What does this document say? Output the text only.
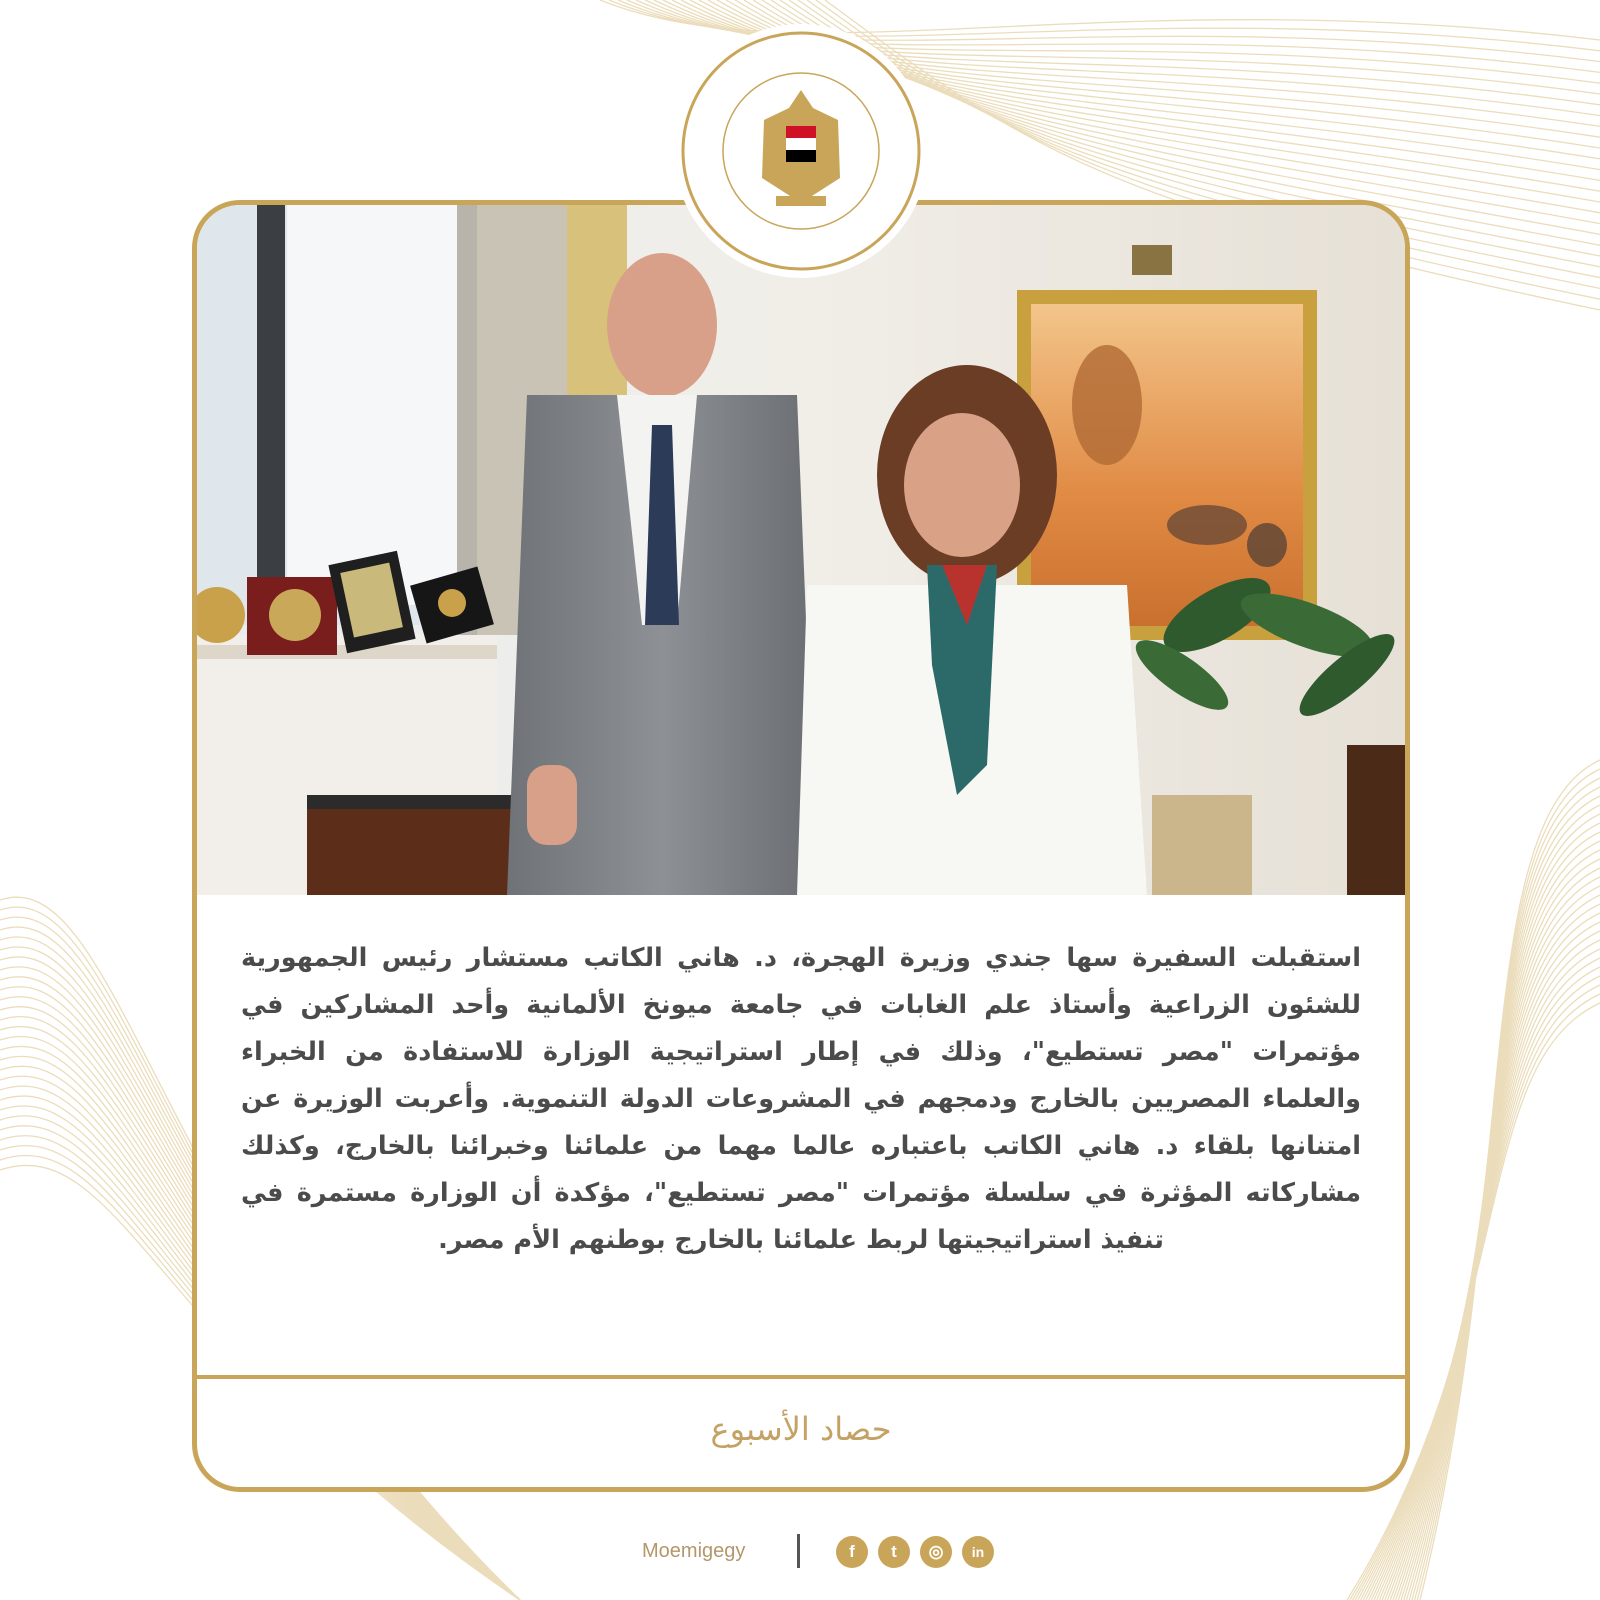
استقبلت السفيرة سها جندي وزيرة الهجرة، د. هاني الكاتب مستشار رئيس الجمهورية للشئون الزراعية وأستاذ علم الغابات في جامعة ميونخ الألمانية وأحد المشاركين في مؤتمرات "مصر تستطيع"، وذلك في إطار استراتيجية الوزارة للاستفادة من الخبراء والعلماء المصريين بالخارج ودمجهم في المشروعات الدولة التنموية. وأعربت الوزيرة عن امتنانها بلقاء د. هاني الكاتب باعتباره عالما مهما من علمائنا وخبرائنا بالخارج، وكذلك مشاركاته المؤثرة في سلسلة مؤتمرات "مصر تستطيع"، مؤكدة أن الوزارة مستمرة في تنفيذ استراتيجيتها لربط علمائنا بالخارج بوطنهم الأم مصر.
حصاد الأسبوع
Moemigegy	f	t	◎	in
